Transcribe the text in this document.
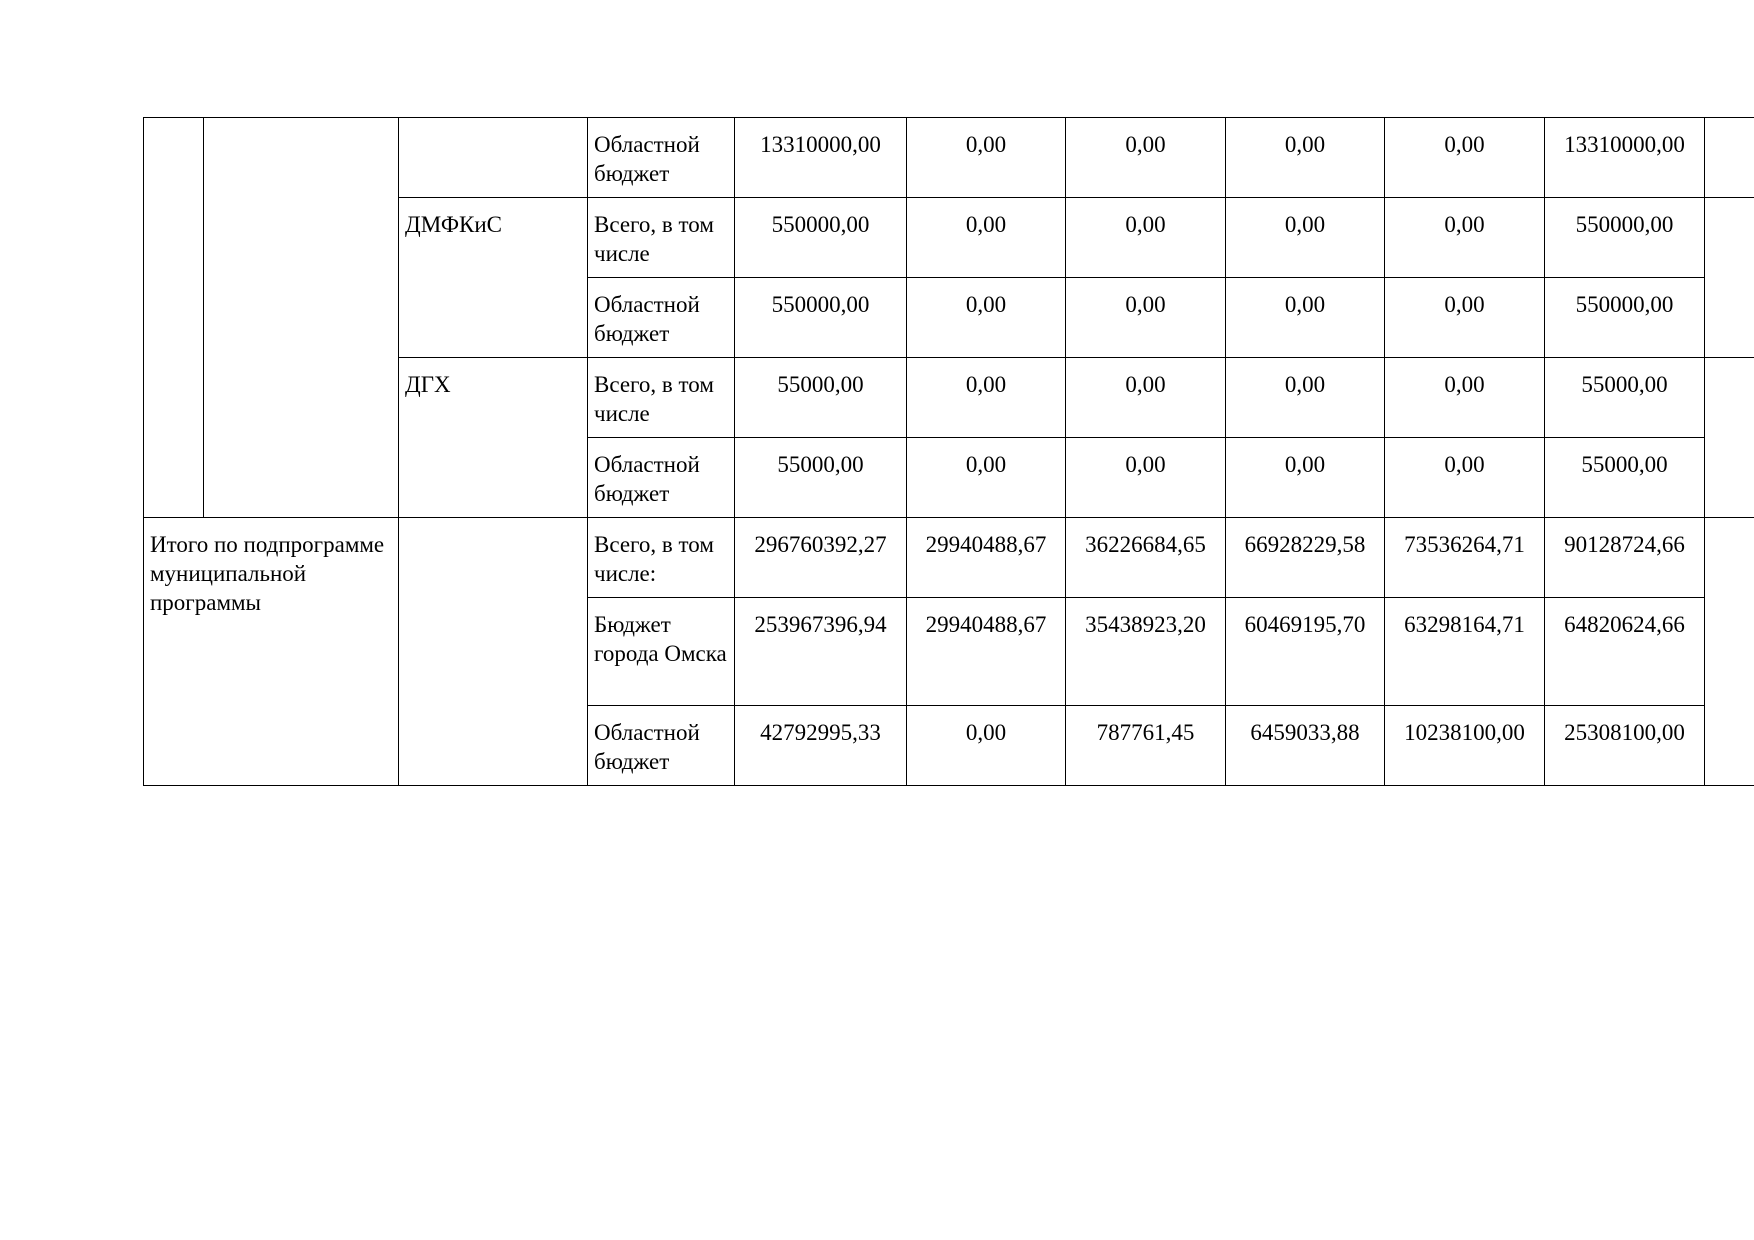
			Областной бюджет	13310000,00	0,00	0,00	0,00	0,00	13310000,00	
		ДМФКиС	Всего, в том числе	550000,00	0,00	0,00	0,00	0,00	550000,00	
			Областной бюджет	550000,00	0,00	0,00	0,00	0,00	550000,00	
		ДГХ	Всего, в том числе	55000,00	0,00	0,00	0,00	0,00	55000,00	
			Областной бюджет	55000,00	0,00	0,00	0,00	0,00	55000,00	
Итого по подпрограмме муниципальной программы			Всего, в том числе:	296760392,27	29940488,67	36226684,65	66928229,58	73536264,71	90128724,66	
			Бюджет города Омска	253967396,94	29940488,67	35438923,20	60469195,70	63298164,71	64820624,66	
			Областной бюджет	42792995,33	0,00	787761,45	6459033,88	10238100,00	25308100,00	
